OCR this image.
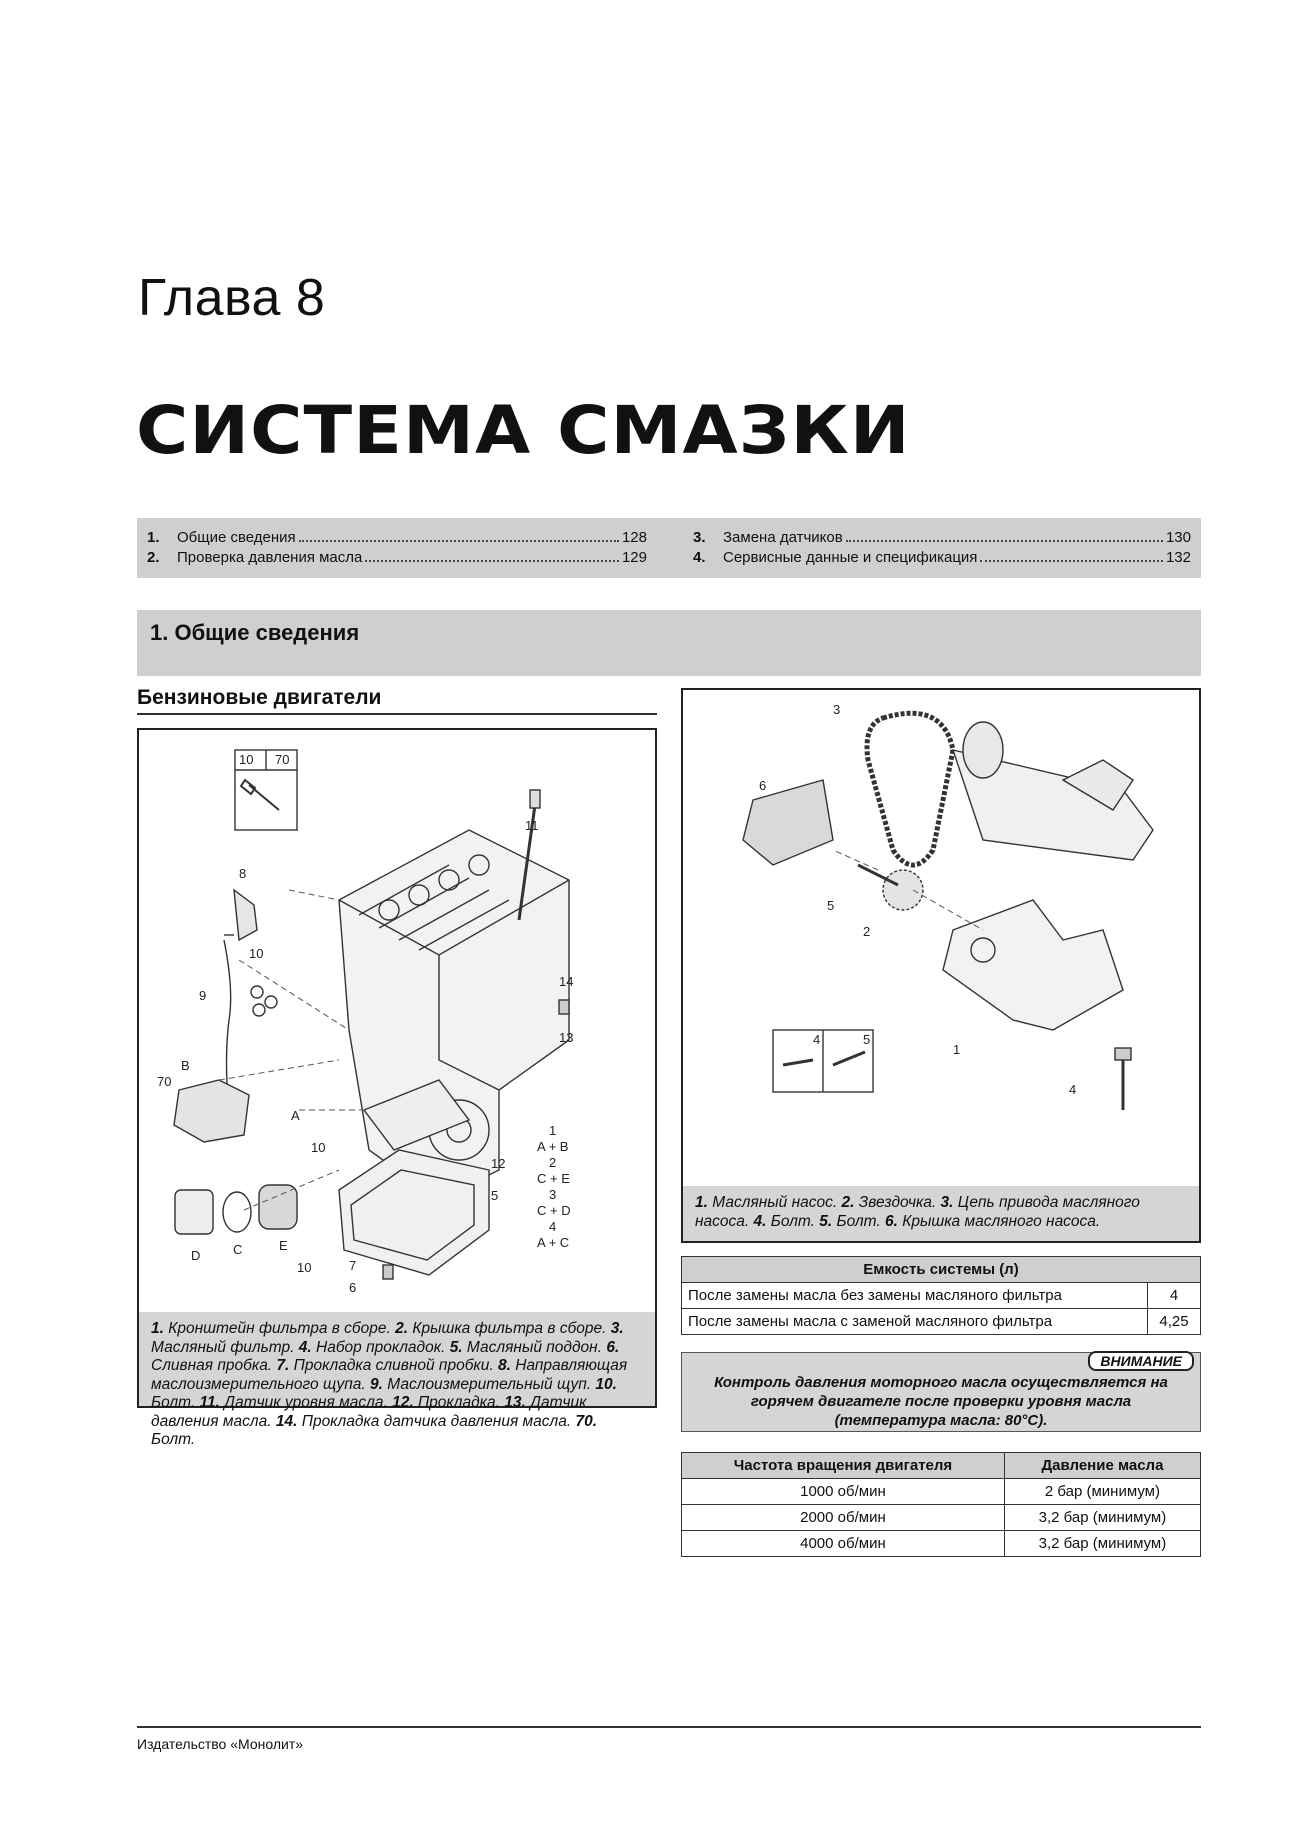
Глава 8
СИСТЕМА СМАЗКИ
1.	Общие сведения	128
2.	Проверка давления масла	129
3.	Замена датчиков	130
4.	Сервисные данные и спецификация	132
1. Общие сведения
Бензиновые двигатели
10 70
11
8
10
9
14
13
B
70
A
10
12
5
D	C	E
10	7
6
1
A + B
2
C + E
3
C + D
4
A + C
1. Кронштейн фильтра в сборе. 2. Крышка фильтра в сборе. 3. Масляный фильтр. 4. Набор прокладок. 5. Масляный поддон. 6. Сливная пробка. 7. Прокладка сливной пробки. 8. Направляющая маслоизмерительного щупа. 9. Маслоизмерительный щуп. 10. Болт. 11. Датчик уровня масла. 12. Прокладка. 13. Датчик давления масла. 14. Прокладка датчика давления масла. 70. Болт.
3
6
5
2
1
4	5
4
1. Масляный насос. 2. Звездочка. 3. Цепь привода масляного насоса. 4. Болт. 5. Болт. 6. Крышка масляного насоса.
Емкость системы (л)	
После замены масла без замены масляного фильтра	4
После замены масла с заменой масляного фильтра	4,25
ВНИМАНИЕ
Контроль давления моторного масла осуществляется на горячем двигателе после проверки уровня масла (температура масла: 80°C).
Частота вращения двигателя	Давление масла
1000 об/мин	2 бар (минимум)
2000 об/мин	3,2 бар (минимум)
4000 об/мин	3,2 бар (минимум)
Издательство «Монолит»
